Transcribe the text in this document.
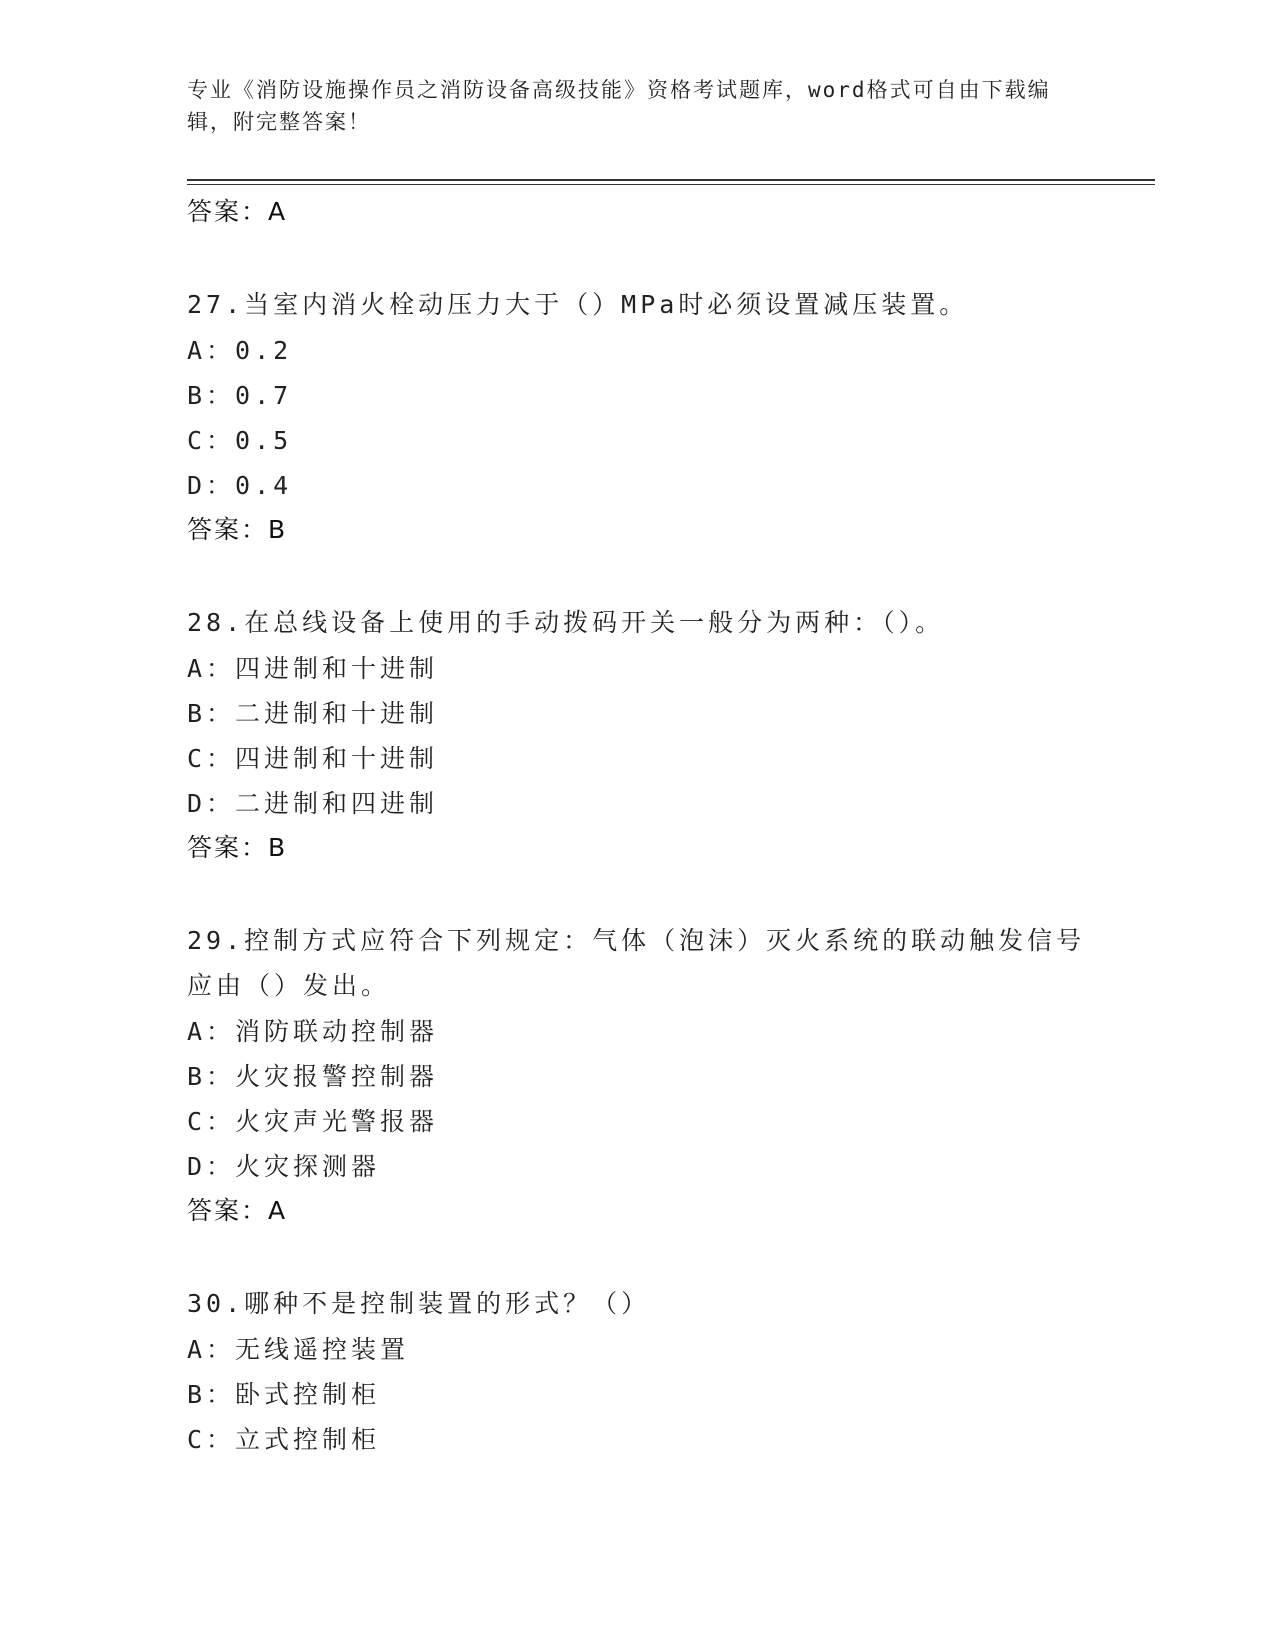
专业《消防设施操作员之消防设备高级技能》资格考试题库，word格式可自由下载编辑，附完整答案！
答案：A
27.当室内消火栓动压力大于（）MPa时必须设置减压装置。
A：0.2
B：0.7
C：0.5
D：0.4
答案：B
28.在总线设备上使用的手动拨码开关一般分为两种：（）。
A：四进制和十进制
B：二进制和十进制
C：四进制和十进制
D：二进制和四进制
答案：B
29.控制方式应符合下列规定：气体（泡沫）灭火系统的联动触发信号应由（）发出。
A：消防联动控制器
B：火灾报警控制器
C：火灾声光警报器
D：火灾探测器
答案：A
30.哪种不是控制装置的形式？（）
A：无线遥控装置
B：卧式控制柜
C：立式控制柜
